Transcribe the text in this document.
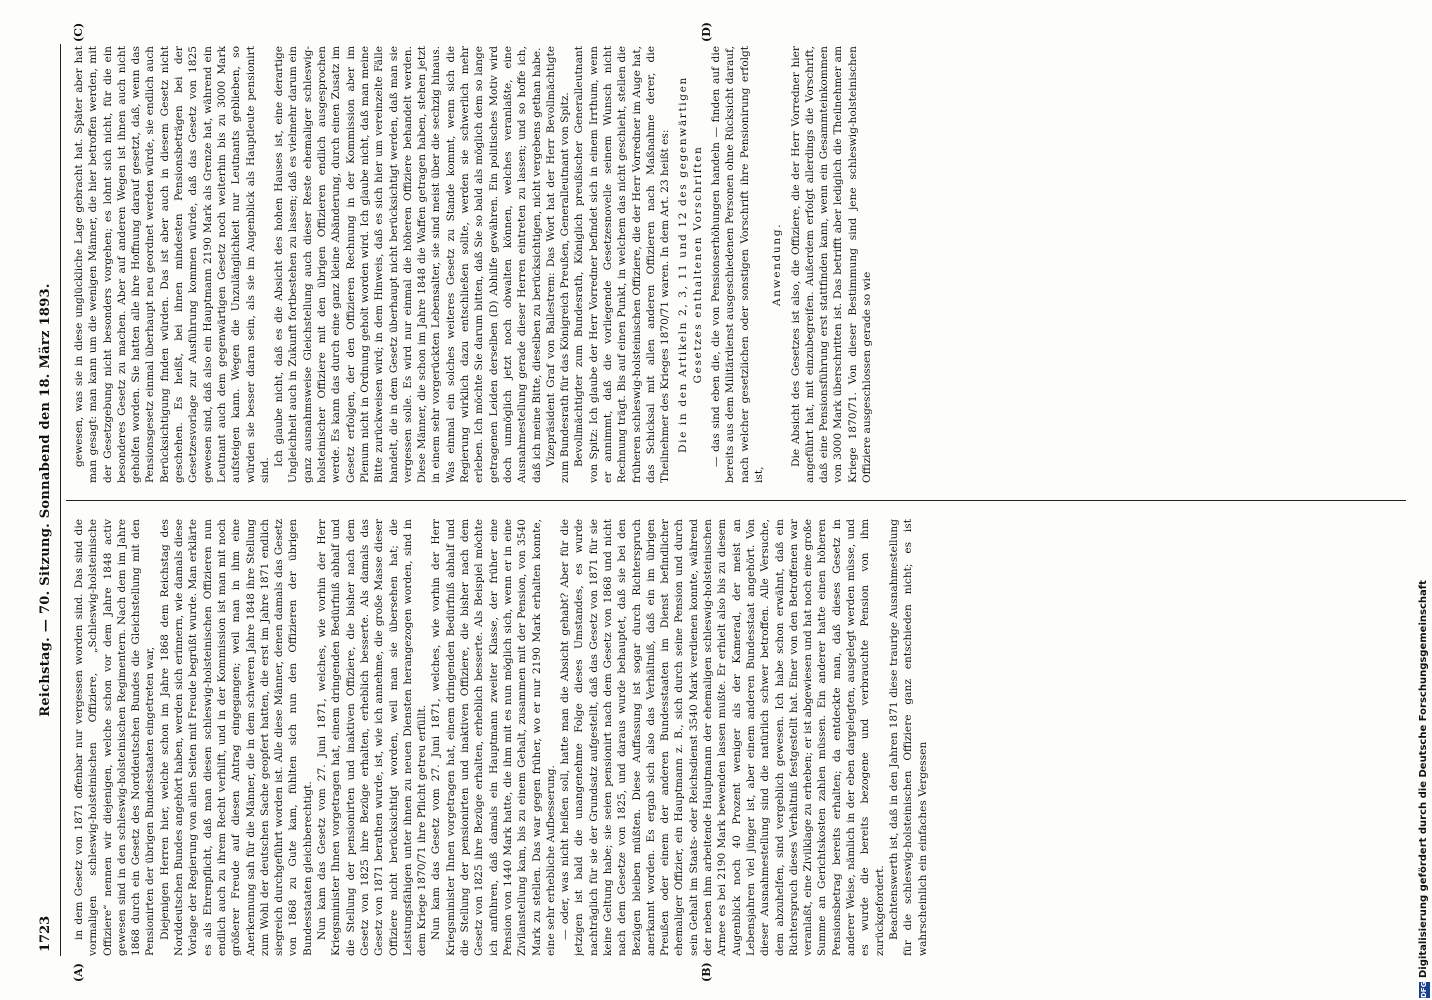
1723
Reichstag. — 70. Sitzung. Sonnabend den 18. März 1893.
(A)	(B)
(C)	(D)

in dem Gesetz von 1871 offenbar nur vergessen worden sind. Das sind die vormaligen schleswig-holsteinischen Offiziere, „Schleswig-holsteinische Offiziere“ nennen wir diejenigen, welche schon vor dem Jahre 1848 activ gewesen sind in den schleswig-holsteinischen Regimentern. Nach dem im Jahre 1868 durch ein Gesetz des Norddeutschen Bundes die Gleichstellung mit den Pensionirten der übrigen Bundesstaaten eingetreten war, Diejenigen Herren hier, welche schon im Jahre 1868 dem Reichstag des Norddeutschen Bundes angehört haben, werden sich erinnern, wie damals diese Vorlage der Regierung von allen Seiten mit Freude begrüßt wurde. Man erklärte es als Ehrenpflicht, daß man diesen schleswig-holsteinischen Offizieren nun endlich auch zu ihrem Recht verhilft, und in der Kommission ist man mit noch größerer Freude auf diesen Antrag eingegangen; weil man in ihm eine Anerkennung sah für die Männer, die in dem schweren Jahre 1848 ihre Stellung zum Wohl der deutschen Sache geopfert hatten, die erst im Jahre 1871 endlich siegreich durchgeführt worden ist. Alle diese Männer, denen damals das Gesetz von 1868 zu Gute kam, fühlten sich nun den Offizieren der übrigen Bundesstaaten gleichberechtigt. Nun kam das Gesetz vom 27. Juni 1871, welches, wie vorhin der Herr Kriegsminister Ihnen vorgetragen hat, einem dringenden Bedürfniß abhalf und die Stellung der pensionirten und inaktiven Offiziere, die bisher nach dem Gesetz von 1825 ihre Bezüge erhalten, erheblich besserte. Als damals das Gesetz von 1871 berathen wurde, ist, wie ich annehme, die große Masse dieser Offiziere nicht berücksichtigt worden, weil man sie übersehen hat; die Leistungsfähigen unter ihnen zu neuen Diensten herangezogen worden, sind in dem Kriege 1870/71 ihre Pflicht getreu erfüllt. Nun kam das Gesetz vom 27. Juni 1871, welches, wie vorhin der Herr Kriegsminister Ihnen vorgetragen hat, einem dringenden Bedürfniß abhalf und die Stellung der pensionirten und inaktiven Offiziere, die bisher nach dem Gesetz von 1825 ihre Bezüge erhalten, erheblich besserte. Als Beispiel möchte ich anführen, daß damals ein Hauptmann zweiter Klasse, der früher eine Pension von 1440 Mark hatte, die ihm mit es nun möglich sich, wenn er in eine Zivilanstellung kam, bis zu einem Gehalt, zusammen mit der Pension, von 3540 Mark zu stellen. Das war gegen früher, wo er nur 2190 Mark erhalten konnte, eine sehr erhebliche Aufbesserung. — oder, was nicht heißen soll, hatte man die Absicht gehabt? Aber für die jetzigen ist bald die unangenehme Folge dieses Umstandes, es wurde nachträglich für sie der Grundsatz aufgestellt, daß das Gesetz von 1871 für sie keine Geltung habe; sie seien pensionirt nach dem Gesetz von 1868 und nicht nach dem Gesetze von 1825, und daraus wurde behauptet, daß sie bei den Bezügen bleiben müßten. Diese Auffassung ist sogar durch Richterspruch anerkannt worden. Es ergab sich also das Verhältniß, daß ein im übrigen Preußen oder einem der anderen Bundesstaaten im Dienst befindlicher ehemaliger Offizier, ein Hauptmann z. B., sich durch seine Pension und durch sein Gehalt im Staats- oder Reichsdienst 3540 Mark verdienen konnte, während der neben ihm arbeitende Hauptmann der ehemaligen schleswig-holsteinischen Armee es bei 2190 Mark bewenden lassen mußte. Er erhielt also bis zu diesem Augenblick noch 40 Prozent weniger als der Kamerad, der meist an Lebensjahren viel jünger ist, aber einem anderen Bundesstaat angehört. Von dieser Ausnahmestellung sind die natürlich schwer betroffen. Alle Versuche, dem abzuhelfen, sind vergeblich gewesen. Ich habe schon erwähnt, daß ein Richterspruch dieses Verhältniß festgestellt hat. Einer von den Betroffenen war veranlaßt, eine Zivilklage zu erheben; er ist abgewiesen und hat noch eine große Summe an Gerichtskosten zahlen müssen. Ein anderer hatte einen höheren Pensionsbetrag bereits erhalten; da entdeckte man, daß dieses Gesetz in anderer Weise, nämlich in der eben dargelegten, ausgelegt werden müsse, und es wurde die bereits bezogene und verbrauchte Pension von ihm zurückgefordert. Beachtenswerth ist, daß in den Jahren 1871 diese traurige Ausnahmestellung für die schleswig-holsteinischen Offiziere ganz entschieden nicht; es ist wahrscheinlich ein einfaches Vergessen

gewesen, was sie in diese unglückliche Lage gebracht hat. Später aber hat man gesagt: man kann um die wenigen Männer, die hier betroffen werden, mit der Gesetzgebung nicht besonders vorgehen; es lohnt sich nicht, für die ein besonderes Gesetz zu machen. Aber auf anderen Wegen ist ihnen auch nicht geholfen worden. Sie hatten alle ihre Hoffnung darauf gesetzt, daß, wenn das Pensionsgesetz einmal überhaupt neu geordnet werden würde, sie endlich auch Berücksichtigung finden würden. Das ist aber auch in diesem Gesetz nicht geschehen. Es heißt, bei ihnen mindesten Pensionsbeträgen bei der Gesetzesvorlage zur Ausführung kommen würde, daß das Gesetz von 1825 gewesen sind, daß also ein Hauptmann 2190 Mark als Grenze hat, während ein Leutnant auch dem gegenwärtigen Gesetz noch weiterhin bis zu 3000 Mark aufsteigen kann. Wegen die Unzulänglichkeit nur Leutnants geblieben, so würden sie besser daran sein, als sie im Augenblick als Hauptleute pensionirt sind.

Ich glaube nicht, daß es die Absicht des hohen Hauses ist, eine derartige Ungleichheit auch in Zukunft fortbestehen zu lassen; daß es vielmehr darum ein ganz ausnahmsweise Gleichstellung auch dieser Reste ehemaliger schleswig-holsteinischer Offiziere mit den übrigen Offizieren endlich ausgesprochen werde. Es kann das durch eine ganz kleine Abänderung, durch einen Zusatz im Gesetz erfolgen, der den Offizieren Rechnung in der Kommission aber im Plenum nicht in Ordnung geholt worden wird. Ich glaube nicht, daß man meine Bitte zurückweisen wird; in dem Hinweis, daß es sich hier um vereinzelte Fälle handelt, die in dem Gesetz überhaupt nicht berücksichtigt werden, daß man sie vergessen solle. Es wird nur einmal die höheren Offiziere behandelt werden. Diese Männer, die schon im Jahre 1848 die Waffen getragen haben, stehen jetzt in einem sehr vorgerückten Lebensalter, sie sind meist über die sechzig hinaus. Was einmal ein solches weiteres Gesetz zu Stande kommt, wenn sich die Regierung wirklich dazu entschließen sollte, werden sie schwerlich mehr erleben. Ich möchte Sie darum bitten, daß Sie so bald als möglich dem so lange getragenen Leiden derselben (D) Abhilfe gewähren. Ein politisches Motiv wird doch unmöglich jetzt noch obwalten können, welches veranlaßte, eine Ausnahmestellung gerade dieser Herren eintreten zu lassen; und so hoffe ich, daß ich meine Bitte, dieselben zu berücksichtigen, nicht vergebens gethan habe. Vizepräsident Graf von Ballestrem: Das Wort hat der Herr Bevollmächtigte zum Bundesrath für das Königreich Preußen, Generalleutnant von Spitz. Bevollmächtigter zum Bundesrath, Königlich preußischer Generalleutnant von Spitz: Ich glaube der Herr Vorredner befindet sich in einem Irrthum, wenn er annimmt, daß die vorliegende Gesetzesnovelle seinem Wunsch nicht Rechnung trägt. Bis auf einen Punkt, in welchem das nicht geschieht, stellen die früheren schleswig-holsteinischen Offiziere, die der Herr Vorredner im Auge hat, das Schicksal mit allen anderen Offizieren nach Maßnahme derer, die Theilnehmer des Krieges 1870/71 waren. In dem Art. 23 heißt es: Die in den Artikeln 2, 3, 11 und 12 des gegenwärtigen Gesetzes enthaltenen Vorschriften — das sind eben die, die von Pensionserhöhungen handeln — finden auf die bereits aus dem Militärdienst ausgeschiedenen Personen ohne Rücksicht darauf, nach welcher gesetzlichen oder sonstigen Vorschrift ihre Pensionirung erfolgt ist,

Anwendung. Die Absicht des Gesetzes ist also, die Offiziere, die der Herr Vorredner hier angeführt hat, mit einzubegreifen. Außerdem erfolgt allerdings die Vorschrift, daß eine Pensionsführung erst stattfinden kann, wenn ein Gesammteinkommen von 3000 Mark überschritten ist. Das betrifft aber lediglich die Theilnehmer am Kriege 1870/71. Von dieser Bestimmung sind jene schleswig-holsteinischen Offiziere ausgeschlossen gerade so wie

DFG
Digitalisierung gefördert durch die Deutsche Forschungsgemeinschaft
